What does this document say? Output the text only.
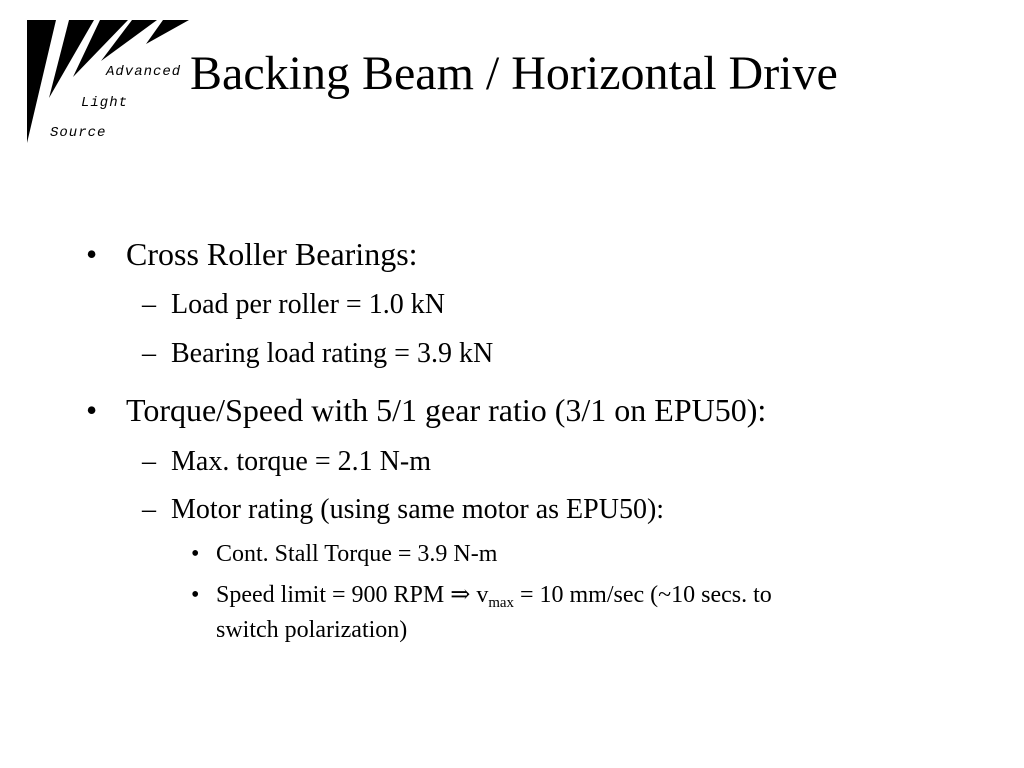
Advanced
Light
Source
Backing Beam / Horizontal Drive
• Cross Roller Bearings:
– Load per roller = 1.0 kN
– Bearing load rating = 3.9 kN
• Torque/Speed with 5/1 gear ratio (3/1 on EPU50):
– Max. torque = 2.1 N-m
– Motor rating (using same motor as EPU50):
• Cont. Stall Torque = 3.9 N-m
• Speed limit = 900 RPM ⇒ $v_{max} = 10$ mm/sec (~10 secs. to
switch polarization)
